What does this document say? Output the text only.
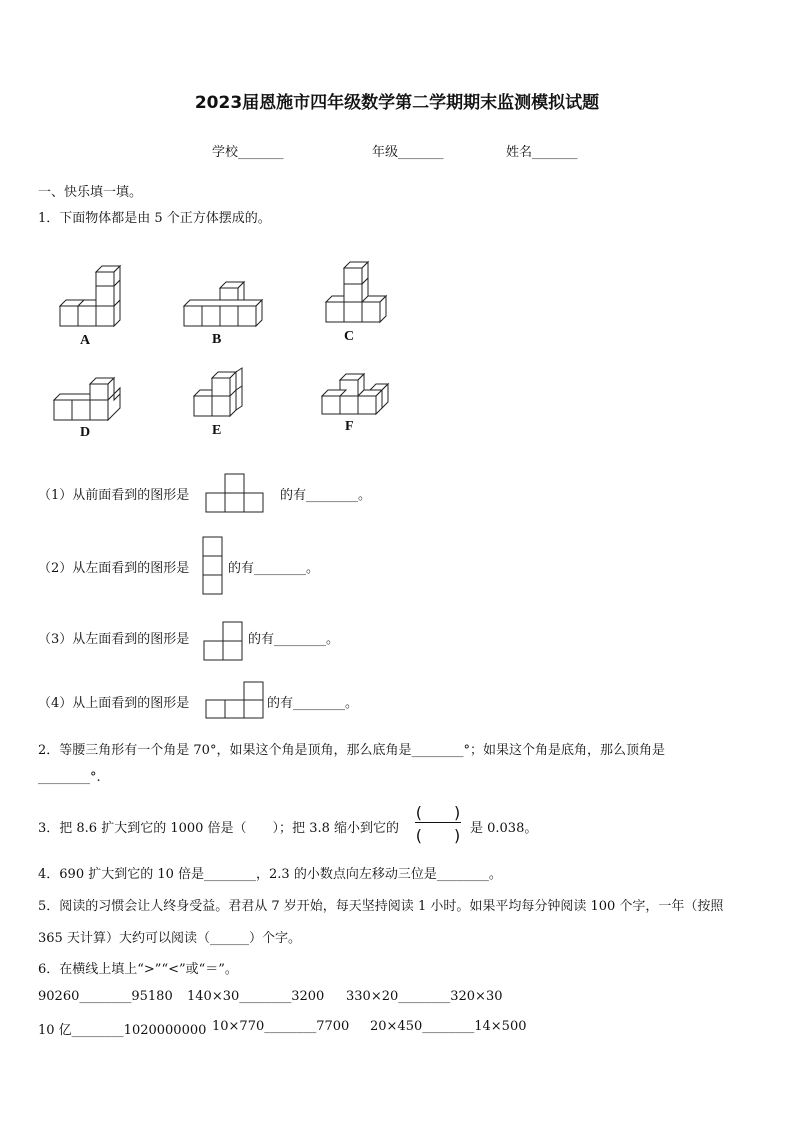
2023届恩施市四年级数学第二学期期末监测模拟试题
学校_______	年级_______	姓名_______
一、快乐填一填。
1．下面物体都是由 5 个正方体摆成的。
A	B	C
D	E	F
（1）从前面看到的图形是	的有________。
（2）从左面看到的图形是	的有________。
（3）从左面看到的图形是	的有________。
（4）从上面看到的图形是	的有________。
2．等腰三角形有一个角是 70°，如果这个角是顶角，那么底角是________°；如果这个角是底角，那么顶角是
________°.
3．把 8.6 扩大到它的 1000 倍是（　　）；把 3.8 缩小到它的
(　　)
(　　) 是 0.038。
4．690 扩大到它的 10 倍是________，2.3 的小数点向左移动三位是________。
5．阅读的习惯会让人终身受益。君君从 7 岁开始，每天坚持阅读 1 小时。如果平均每分钟阅读 100 个字，一年（按照
365 天计算）大约可以阅读（______）个字。
6．在横线上填上“>”“<”或“＝”。
90260________95180 140×30________3200 330×20________320×30
10 亿________1020000000 10×770________7700 20×450________14×500
